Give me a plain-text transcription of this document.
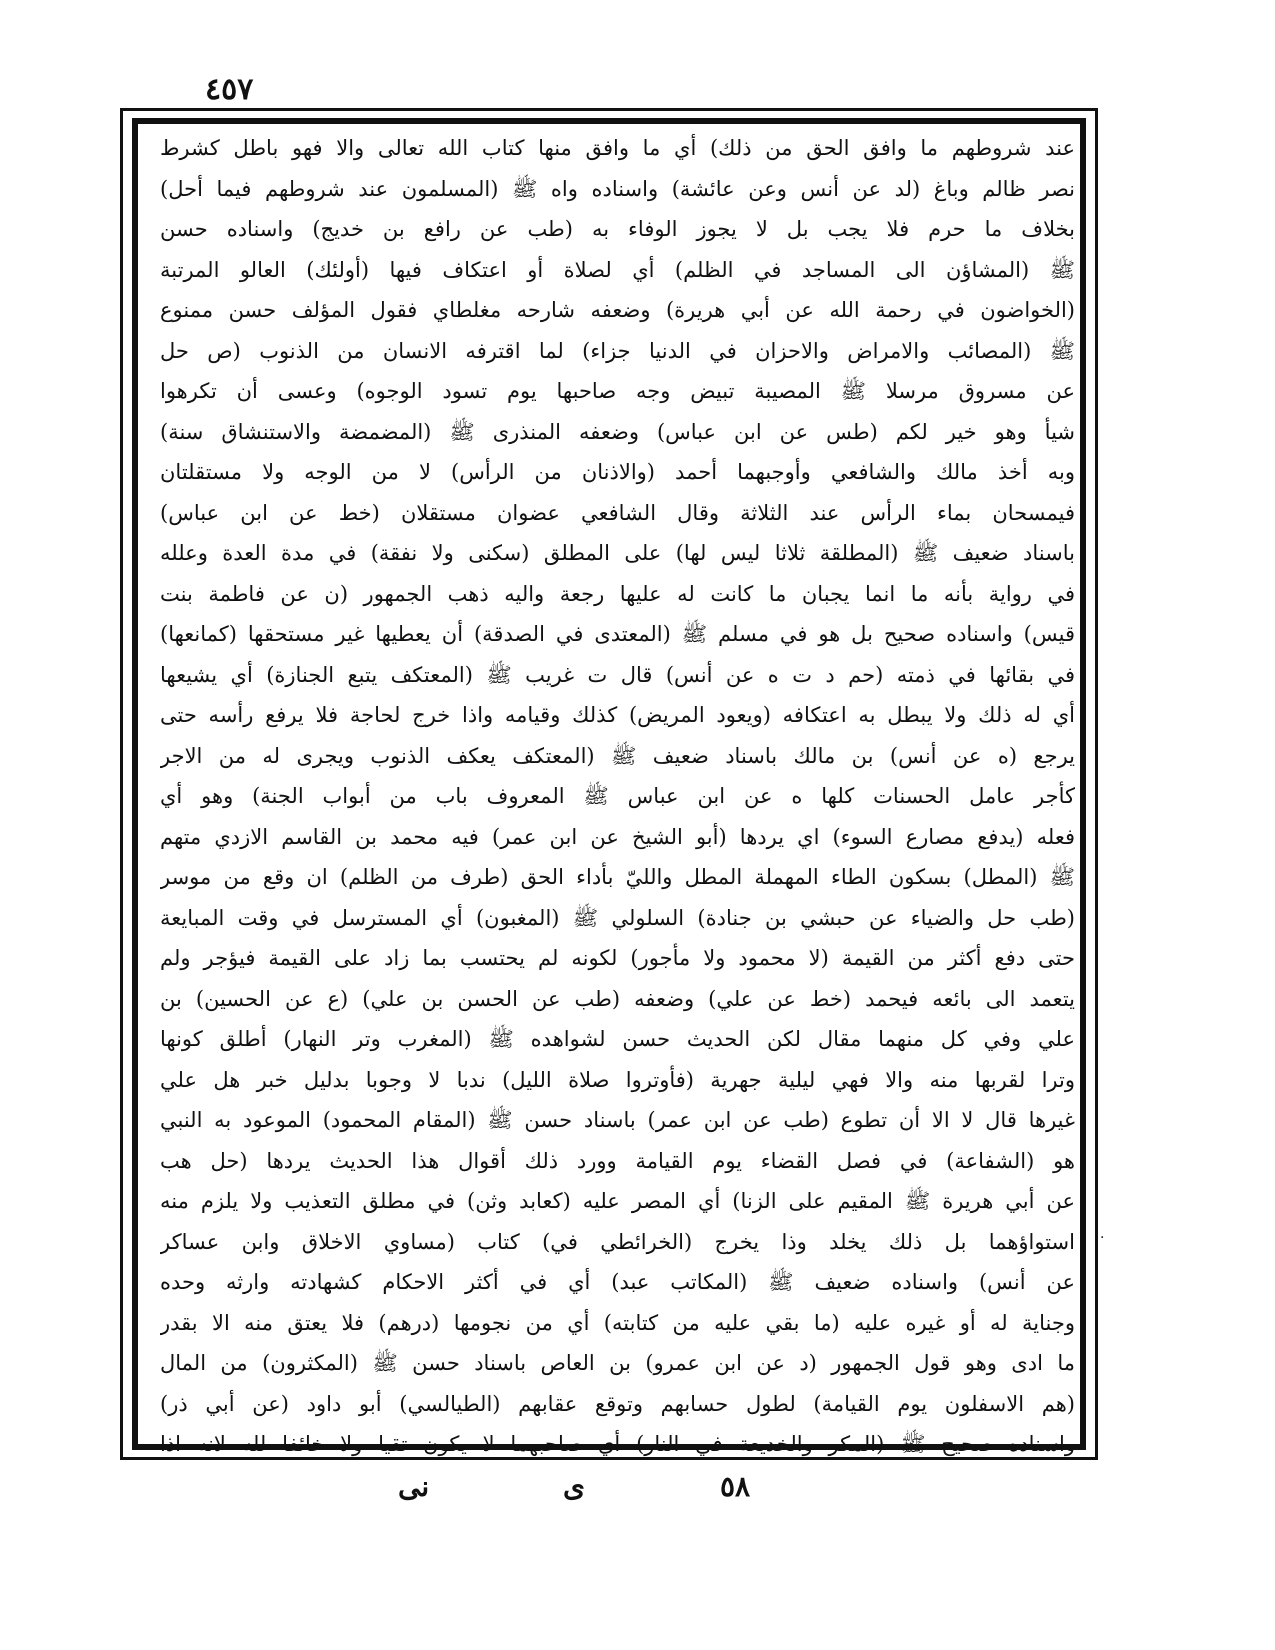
٤٥٧
عند شروطهم ما وافق الحق من ذلك) أي ما وافق منها كتاب الله تعالى والا فهو باطل كشرط
نصر ظالم وباغ (لد عن أنس وعن عائشة) واسناده واه ﷺ (المسلمون عند شروطهم فيما أحل)
بخلاف ما حرم فلا يجب بل لا يجوز الوفاء به (طب عن رافع بن خديج) واسناده حسن
ﷺ (المشاؤن الى المساجد في الظلم) أي لصلاة أو اعتكاف فيها (أولئك) العالو المرتبة
(الخواضون في رحمة الله عن أبي هريرة) وضعفه شارحه مغلطاي فقول المؤلف حسن ممنوع
ﷺ (المصائب والامراض والاحزان في الدنيا جزاء) لما اقترفه الانسان من الذنوب (ص حل
عن مسروق مرسلا ﷺ المصيبة تبيض وجه صاحبها يوم تسود الوجوه) وعسى أن تكرهوا
شيأ وهو خير لكم (طس عن ابن عباس) وضعفه المنذرى ﷺ (المضمضة والاستنشاق سنة)
وبه أخذ مالك والشافعي وأوجبهما أحمد (والاذنان من الرأس) لا من الوجه ولا مستقلتان
فيمسحان بماء الرأس عند الثلاثة وقال الشافعي عضوان مستقلان (خط عن ابن عباس)
باسناد ضعيف ﷺ (المطلقة ثلاثا ليس لها) على المطلق (سكنى ولا نفقة) في مدة العدة وعلله
في رواية بأنه ما انما يجبان ما كانت له عليها رجعة واليه ذهب الجمهور (ن عن فاطمة بنت
قيس) واسناده صحيح بل هو في مسلم ﷺ (المعتدى في الصدقة) أن يعطيها غير مستحقها (كمانعها)
في بقائها في ذمته (حم د ت ه عن أنس) قال ت غريب ﷺ (المعتكف يتبع الجنازة) أي يشيعها
أي له ذلك ولا يبطل به اعتكافه (ويعود المريض) كذلك وقيامه واذا خرج لحاجة فلا يرفع رأسه حتى
يرجع (ه عن أنس) بن مالك باسناد ضعيف ﷺ (المعتكف يعكف الذنوب ويجرى له من الاجر
كأجر عامل الحسنات كلها ه عن ابن عباس ﷺ المعروف باب من أبواب الجنة) وهو أي
فعله (يدفع مصارع السوء) اي يردها (أبو الشيخ عن ابن عمر) فيه محمد بن القاسم الازدي متهم
ﷺ (المطل) بسكون الطاء المهملة المطل والليّ بأداء الحق (طرف من الظلم) ان وقع من موسر
(طب حل والضياء عن حبشي بن جنادة) السلولي ﷺ (المغبون) أي المسترسل في وقت المبايعة
حتى دفع أكثر من القيمة (لا محمود ولا مأجور) لكونه لم يحتسب بما زاد على القيمة فيؤجر ولم
يتعمد الى بائعه فيحمد (خط عن علي) وضعفه (طب عن الحسن بن علي) (ع عن الحسين) بن
علي وفي كل منهما مقال لكن الحديث حسن لشواهده ﷺ (المغرب وتر النهار) أطلق كونها
وترا لقربها منه والا فهي ليلية جهرية (فأوتروا صلاة الليل) ندبا لا وجوبا بدليل خبر هل علي
غيرها قال لا الا أن تطوع (طب عن ابن عمر) باسناد حسن ﷺ (المقام المحمود) الموعود به النبي
هو (الشفاعة) في فصل القضاء يوم القيامة وورد ذلك أقوال هذا الحديث يردها (حل هب
عن أبي هريرة ﷺ المقيم على الزنا) أي المصر عليه (كعابد وثن) في مطلق التعذيب ولا يلزم منه
استواؤهما بل ذلك يخلد وذا يخرج (الخرائطي في) كتاب (مساوي الاخلاق وابن عساكر
عن أنس) واسناده ضعيف ﷺ (المكاتب عبد) أي في أكثر الاحكام كشهادته وارثه وحده
وجناية له أو غيره عليه (ما بقي عليه من كتابته) أي من نجومها (درهم) فلا يعتق منه الا بقدر
ما ادى وهو قول الجمهور (د عن ابن عمرو) بن العاص باسناد حسن ﷺ (المكثرون) من المال
(هم الاسفلون يوم القيامة) لطول حسابهم وتوقع عقابهم (الطيالسي) أبو داود (عن أبي ذر)
واسناده صحيح ﷺ (المكر والخديعة في النار) أي صاحبهما لا يكون تقيا ولا خائفا لله لانه اذا
٥٨
ى
نى
·
